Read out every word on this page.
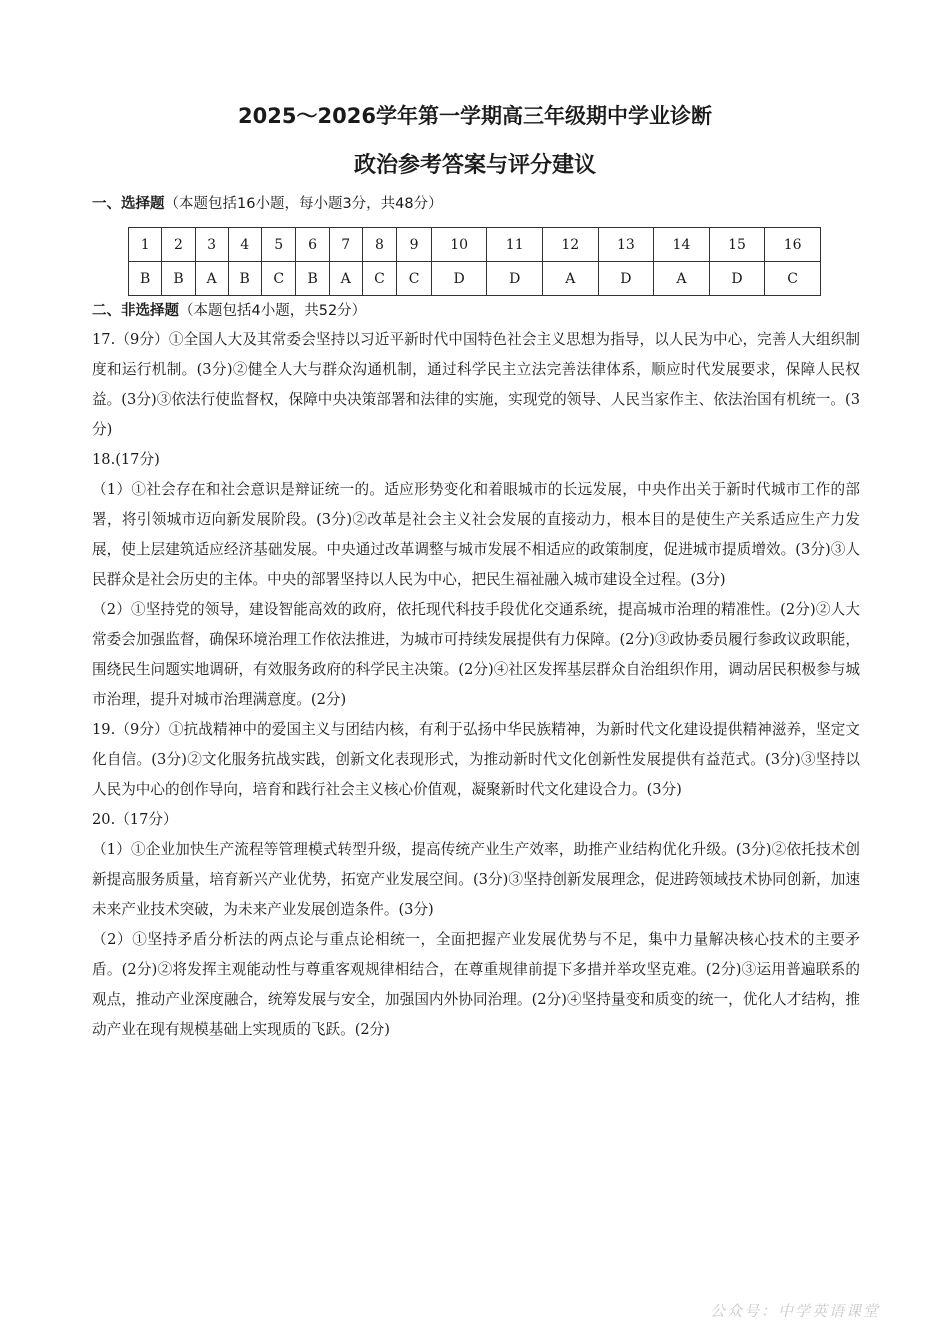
2025～2026学年第一学期高三年级期中学业诊断
政治参考答案与评分建议
一、选择题（本题包括16小题，每小题3分，共48分）
1	2	3	4	5	6	7	8	9	10	11	12	13	14	15	16
B	B	A	B	C	B	A	C	C	D	D	A	D	A	D	C
二、非选择题（本题包括4小题，共52分）

17.（9分）①全国人大及其常委会坚持以习近平新时代中国特色社会主义思想为指导，以人民为中心，完善人大组织制度和运行机制。(3分)②健全人大与群众沟通机制，通过科学民主立法完善法律体系，顺应时代发展要求，保障人民权益。(3分)③依法行使监督权，保障中央决策部署和法律的实施，实现党的领导、人民当家作主、依法治国有机统一。(3分)

18.(17分)

（1）①社会存在和社会意识是辩证统一的。适应形势变化和着眼城市的长远发展，中央作出关于新时代城市工作的部署，将引领城市迈向新发展阶段。(3分)②改革是社会主义社会发展的直接动力，根本目的是使生产关系适应生产力发展，使上层建筑适应经济基础发展。中央通过改革调整与城市发展不相适应的政策制度，促进城市提质增效。(3分)③人民群众是社会历史的主体。中央的部署坚持以人民为中心，把民生福祉融入城市建设全过程。(3分)

（2）①坚持党的领导，建设智能高效的政府，依托现代科技手段优化交通系统，提高城市治理的精准性。(2分)②人大常委会加强监督，确保环境治理工作依法推进，为城市可持续发展提供有力保障。(2分)③政协委员履行参政议政职能，围绕民生问题实地调研，有效服务政府的科学民主决策。(2分)④社区发挥基层群众自治组织作用，调动居民积极参与城市治理，提升对城市治理满意度。(2分)

19.（9分）①抗战精神中的爱国主义与团结内核，有利于弘扬中华民族精神，为新时代文化建设提供精神滋养，坚定文化自信。(3分)②文化服务抗战实践，创新文化表现形式，为推动新时代文化创新性发展提供有益范式。(3分)③坚持以人民为中心的创作导向，培育和践行社会主义核心价值观，凝聚新时代文化建设合力。(3分)

20.（17分）

（1）①企业加快生产流程等管理模式转型升级，提高传统产业生产效率，助推产业结构优化升级。(3分)②依托技术创新提高服务质量，培育新兴产业优势，拓宽产业发展空间。(3分)③坚持创新发展理念，促进跨领域技术协同创新，加速未来产业技术突破，为未来产业发展创造条件。(3分)

（2）①坚持矛盾分析法的两点论与重点论相统一，全面把握产业发展优势与不足，集中力量解决核心技术的主要矛盾。(2分)②将发挥主观能动性与尊重客观规律相结合，在尊重规律前提下多措并举攻坚克难。(2分)③运用普遍联系的观点，推动产业深度融合，统筹发展与安全，加强国内外协同治理。(2分)④坚持量变和质变的统一，优化人才结构，推动产业在现有规模基础上实现质的飞跃。(2分)

公众号：中学英语课堂
